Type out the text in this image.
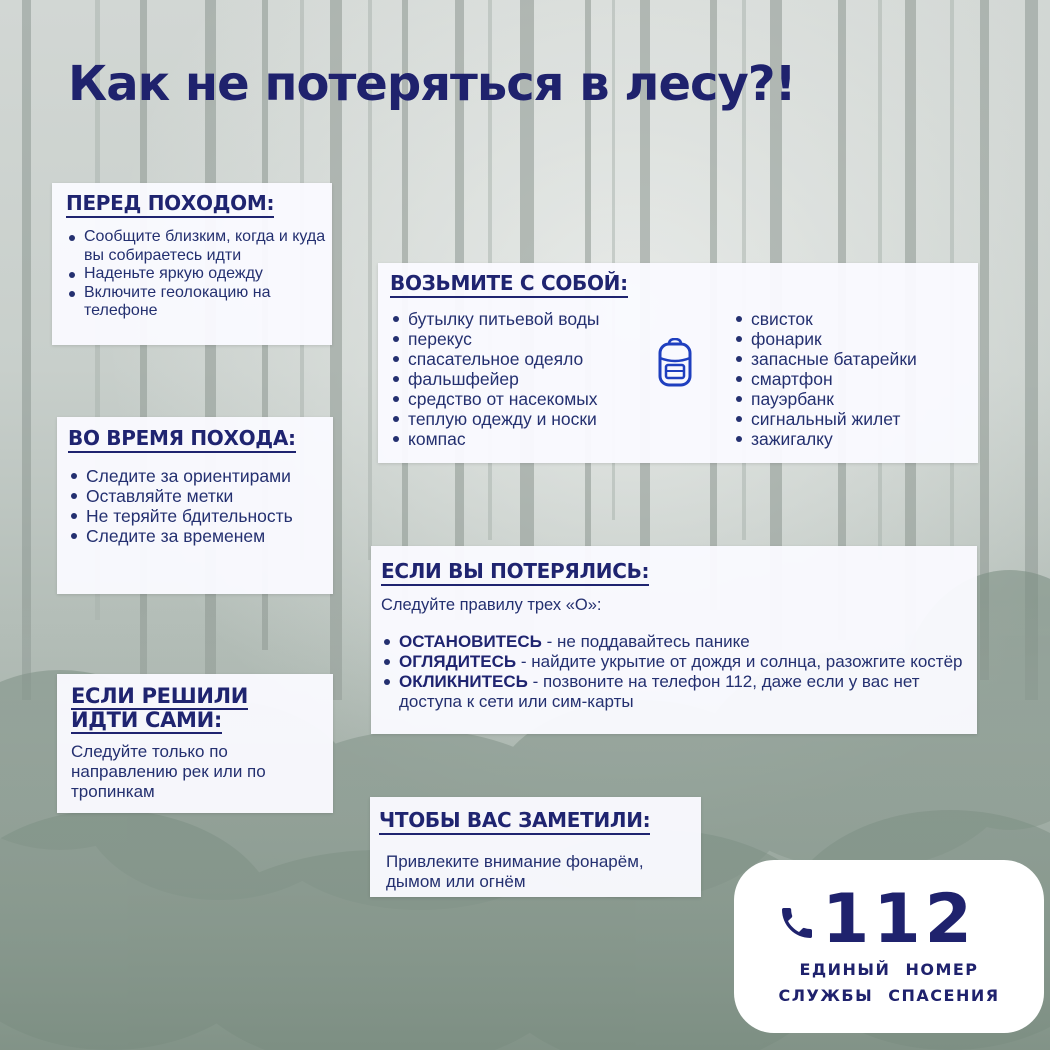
Как не потеряться в лесу?!
ПЕРЕД ПОХОДОМ:
Сообщите близким, когда и куда вы собираетесь идти
Наденьте яркую одежду
Включите геолокацию на телефоне
ВОЗЬМИТЕ С СОБОЙ:
бутылку питьевой воды
перекус
спасательное одеяло
фальшфейер
средство от насекомых
теплую одежду и носки
компас
свисток
фонарик
запасные батарейки
смартфон
пауэрбанк
сигнальный жилет
зажигалку
ВО ВРЕМЯ ПОХОДА:
Следите за ориентирами
Оставляйте метки
Не теряйте бдительность
Следите за временем
ЕСЛИ ВЫ ПОТЕРЯЛИСЬ:

Следуйте правилу трех «О»:

ОСТАНОВИТЕСЬ - не поддавайтесь панике
ОГЛЯДИТЕСЬ - найдите укрытие от дождя и солнца, разожгите костёр
ОКЛИКНИТЕСЬ - позвоните на телефон 112, даже если у вас нет доступа к сети или сим-карты
ЕСЛИ РЕШИЛИ
ИДТИ САМИ:

Следуйте только по направлению рек или по тропинкам

ЧТОБЫ ВАС ЗАМЕТИЛИ:

Привлеките внимание фонарём, дымом или огнём	112
ЕДИНЫЙ НОМЕР
СЛУЖБЫ СПАСЕНИЯ
